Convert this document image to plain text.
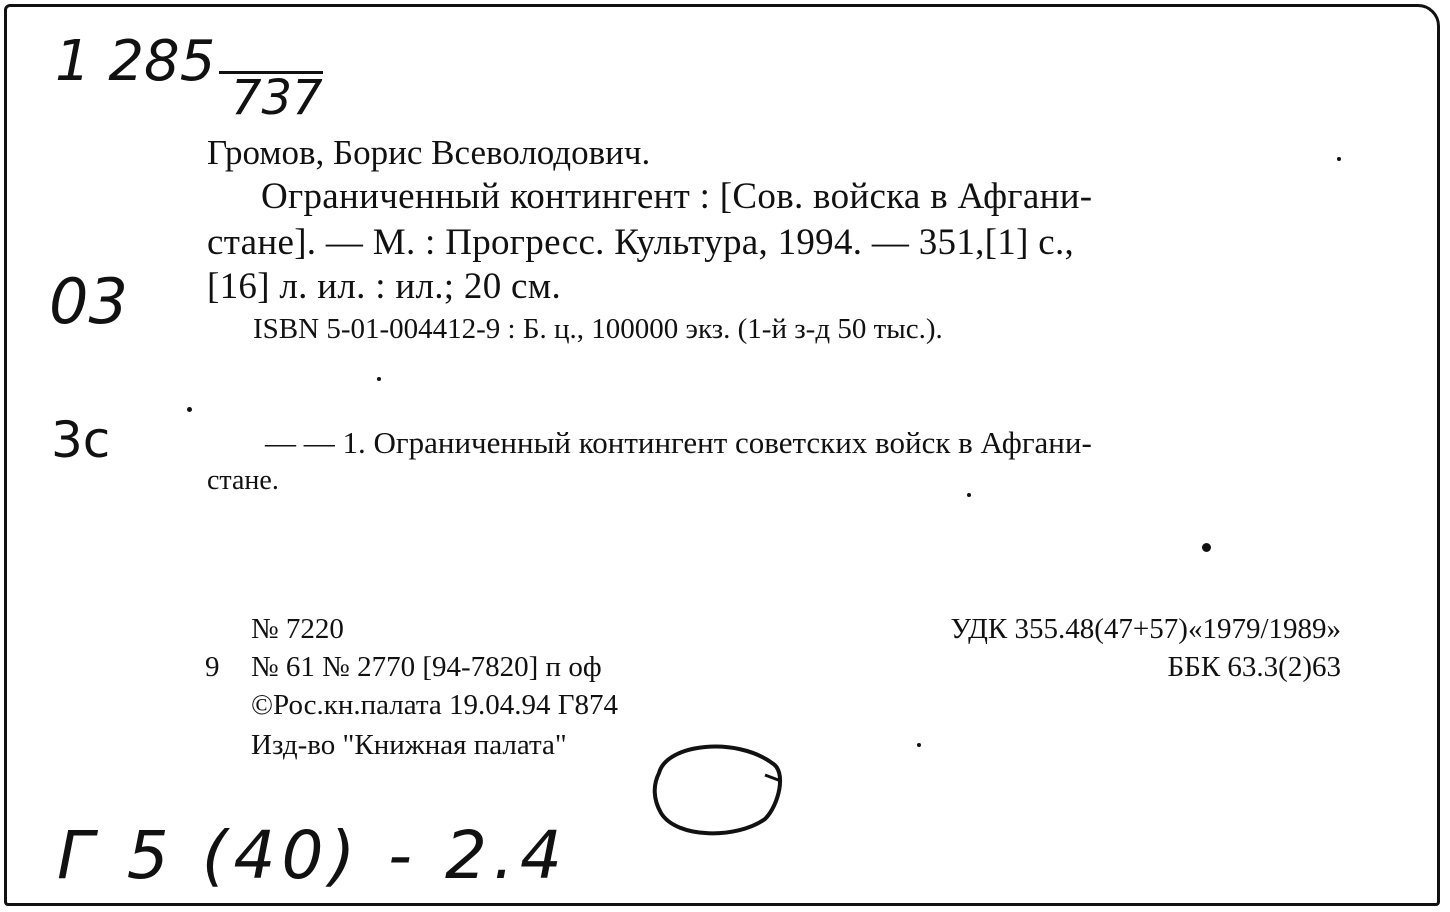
1 285
737
03
3с
Громов, Борис Всеволодович.
Ограниченный контингент : [Сов. войска в Афгани-
стане]. — М. : Прогресс. Культура, 1994. — 351,[1] с.,
[16] л. ил. : ил.; 20 см.
ISBN 5-01-004412-9 : Б. ц., 100000 экз. (1-й з-д 50 тыс.).
— — 1. Ограниченный контингент советских войск в Афгани-
стане.
№ 7220
9 № 61 № 2770 [94-7820] п оф
©Рос.кн.палата 19.04.94 Г874
Изд-во "Книжная палата"
УДК 355.48(47+57)«1979/1989»
ББК 63.3(2)63
Г 5 (40) - 2.4
